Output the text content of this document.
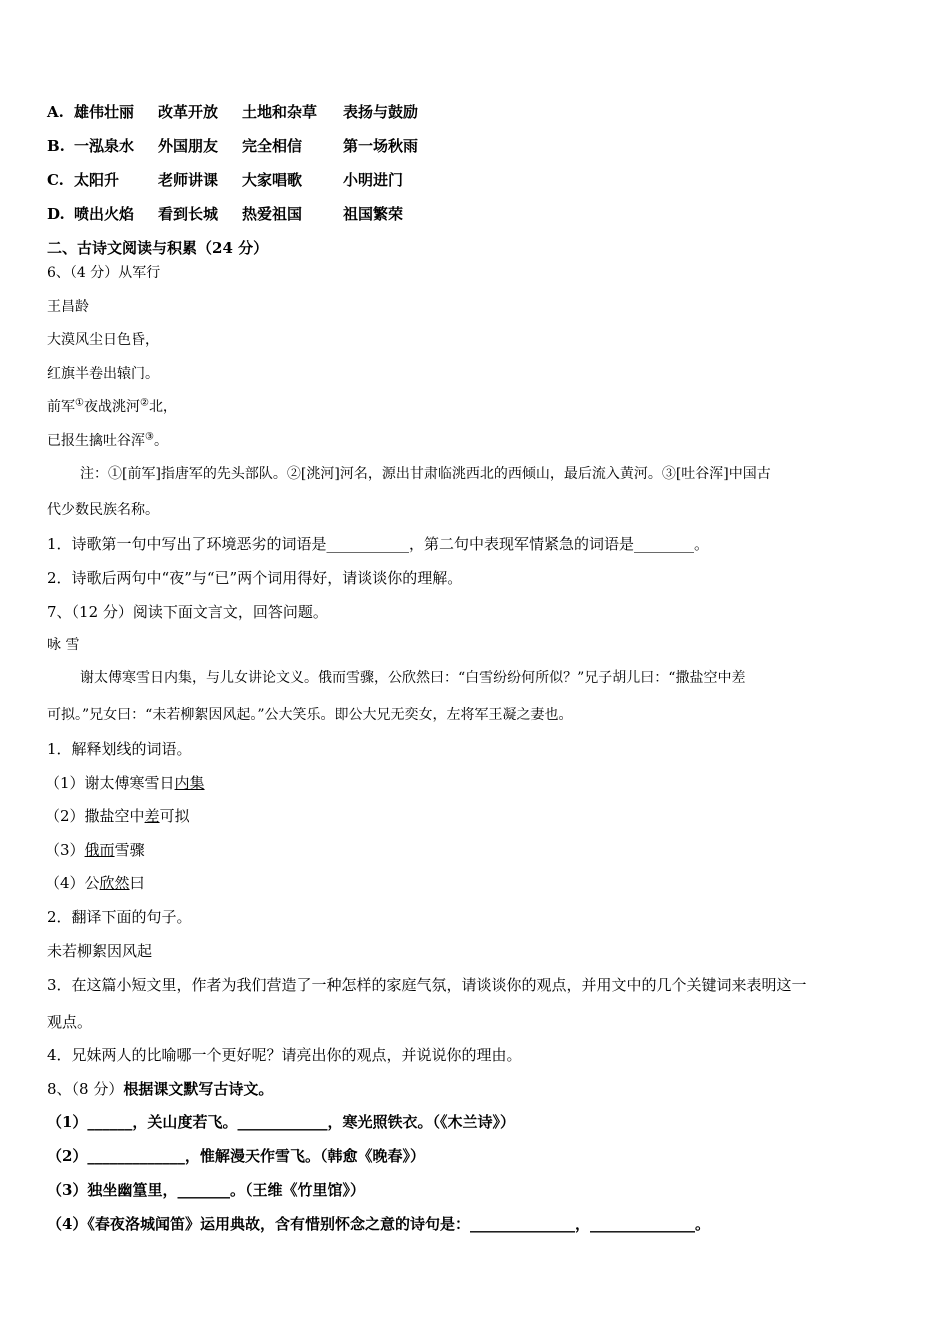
A. 雄伟壮丽 改革开放 土地和杂草 表扬与鼓励
B. 一泓泉水 外国朋友 完全相信	第一场秋雨
C. 太阳升	老师讲课 大家唱歌	小明进门
D. 喷出火焰 看到长城 热爱祖国	祖国繁荣
二、古诗文阅读与积累（24 分）
6、（4 分）从军行
王昌龄
大漠风尘日色昏，
红旗半卷出辕门。
前军①夜战洮河②北，
已报生擒吐谷浑③。
注：①[前军]指唐军的先头部队。②[洮河]河名，源出甘肃临洮西北的西倾山，最后流入黄河。③[吐谷浑]中国古
代少数民族名称。
1．诗歌第一句中写出了环境恶劣的词语是___________，第二句中表现军情紧急的词语是________。
2．诗歌后两句中“夜”与“已”两个词用得好，请谈谈你的理解。
7、（12 分）阅读下面文言文，回答问题。
咏 雪
谢太傅寒雪日内集，与儿女讲论文义。俄而雪骤，公欣然曰：“白雪纷纷何所似？”兄子胡儿曰：“撒盐空中差
可拟。”兄女曰：“未若柳絮因风起。”公大笑乐。即公大兄无奕女，左将军王凝之妻也。
1．解释划线的词语。
（1）谢太傅寒雪日内集
（2）撒盐空中差可拟
（3）俄而雪骤
（4）公欣然曰
2．翻译下面的句子。
未若柳絮因风起
3．在这篇小短文里，作者为我们营造了一种怎样的家庭气氛，请谈谈你的观点，并用文中的几个关键词来表明这一
观点。
4．兄妹两人的比喻哪一个更好呢？请亮出你的观点，并说说你的理由。
8、（8 分）根据课文默写古诗文。
（1）______，关山度若飞。____________，寒光照铁衣。（《木兰诗》）
（2）_____________，惟解漫天作雪飞。（韩愈《晚春》）
（3）独坐幽篁里，_______。（王维《竹里馆》）
（4）《春夜洛城闻笛》运用典故，含有惜别怀念之意的诗句是：______________，______________。
